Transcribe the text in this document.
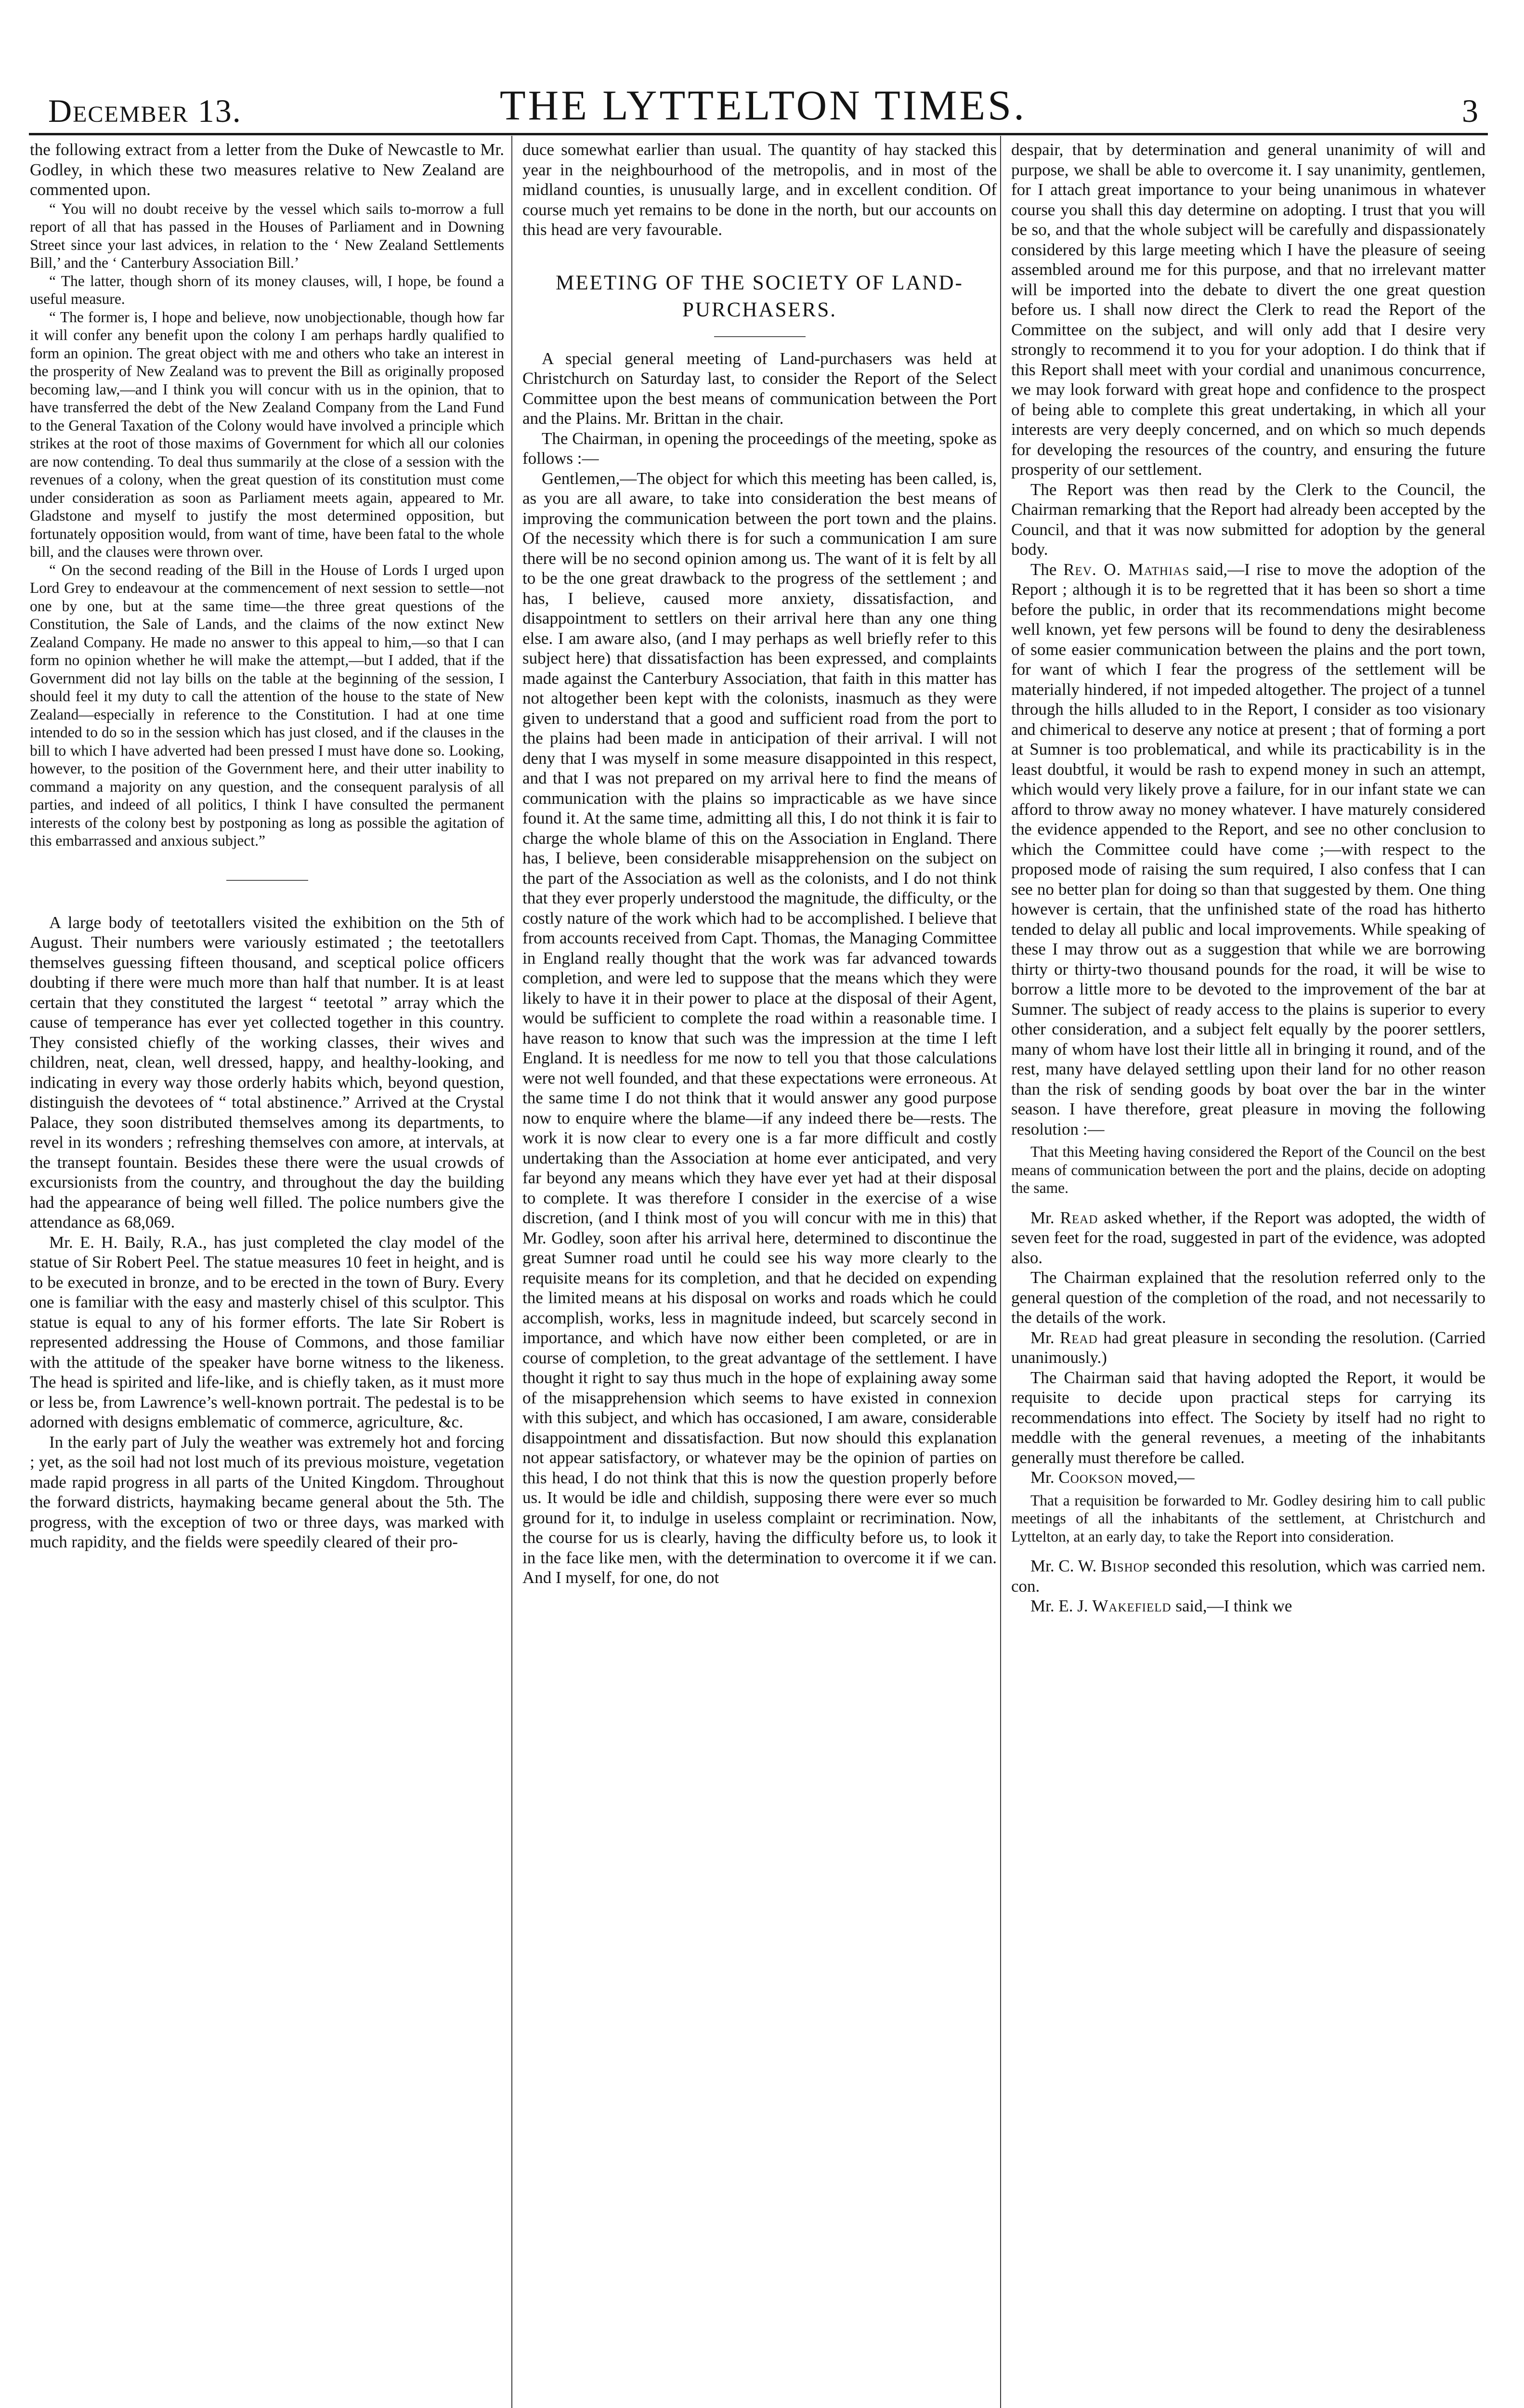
December 13.	THE LYTTELTON TIMES.	3

the following extract from a letter from the Duke of Newcastle to Mr. Godley, in which these two measures relative to New Zealand are commented upon.

“ You will no doubt receive by the vessel which sails to-morrow a full report of all that has passed in the Houses of Parliament and in Downing Street since your last advices, in relation to the ‘ New Zealand Settlements Bill,’ and the ‘ Canterbury Association Bill.’

“ The latter, though shorn of its money clauses, will, I hope, be found a useful measure.

“ The former is, I hope and believe, now unobjectionable, though how far it will confer any benefit upon the colony I am perhaps hardly qualified to form an opinion. The great object with me and others who take an interest in the prosperity of New Zealand was to prevent the Bill as originally proposed becoming law,—and I think you will concur with us in the opinion, that to have transferred the debt of the New Zealand Company from the Land Fund to the General Taxation of the Colony would have involved a principle which strikes at the root of those maxims of Government for which all our colonies are now contending. To deal thus summarily at the close of a session with the revenues of a colony, when the great question of its constitution must come under consideration as soon as Parliament meets again, appeared to Mr. Gladstone and myself to justify the most determined opposition, but fortunately opposition would, from want of time, have been fatal to the whole bill, and the clauses were thrown over.

“ On the second reading of the Bill in the House of Lords I urged upon Lord Grey to endeavour at the commencement of next session to settle—not one by one, but at the same time—the three great questions of the Constitution, the Sale of Lands, and the claims of the now extinct New Zealand Company. He made no answer to this appeal to him,—so that I can form no opinion whether he will make the attempt,—but I added, that if the Government did not lay bills on the table at the beginning of the session, I should feel it my duty to call the attention of the house to the state of New Zealand—especially in reference to the Constitution. I had at one time intended to do so in the session which has just closed, and if the clauses in the bill to which I have adverted had been pressed I must have done so. Looking, however, to the position of the Government here, and their utter inability to command a majority on any question, and the consequent paralysis of all parties, and indeed of all politics, I think I have consulted the permanent interests of the colony best by postponing as long as possible the agitation of this embarrassed and anxious subject.”

A large body of teetotallers visited the exhibition on the 5th of August. Their numbers were variously estimated ; the teetotallers themselves guessing fifteen thousand, and sceptical police officers doubting if there were much more than half that number. It is at least certain that they constituted the largest “ teetotal ” array which the cause of temperance has ever yet collected together in this country. They consisted chiefly of the working classes, their wives and children, neat, clean, well dressed, happy, and healthy-looking, and indicating in every way those orderly habits which, beyond question, distinguish the devotees of “ total abstinence.” Arrived at the Crystal Palace, they soon distributed themselves among its departments, to revel in its wonders ; refreshing themselves con amore, at intervals, at the transept fountain. Besides these there were the usual crowds of excursionists from the country, and throughout the day the building had the appearance of being well filled. The police numbers give the attendance as 68,069.

Mr. E. H. Baily, R.A., has just completed the clay model of the statue of Sir Robert Peel. The statue measures 10 feet in height, and is to be executed in bronze, and to be erected in the town of Bury. Every one is familiar with the easy and masterly chisel of this sculptor. This statue is equal to any of his former efforts. The late Sir Robert is represented addressing the House of Commons, and those familiar with the attitude of the speaker have borne witness to the likeness. The head is spirited and life-like, and is chiefly taken, as it must more or less be, from Lawrence’s well-known portrait. The pedestal is to be adorned with designs emblematic of commerce, agriculture, &c.

In the early part of July the weather was extremely hot and forcing ; yet, as the soil had not lost much of its previous moisture, vegetation made rapid progress in all parts of the United Kingdom. Throughout the forward districts, haymaking became general about the 5th. The progress, with the exception of two or three days, was marked with much rapidity, and the fields were speedily cleared of their pro-

duce somewhat earlier than usual. The quantity of hay stacked this year in the neighbourhood of the metropolis, and in most of the midland counties, is unusually large, and in excellent condition. Of course much yet remains to be done in the north, but our accounts on this head are very favourable.

MEETING OF THE SOCIETY OF LAND-PURCHASERS.

A special general meeting of Land-purchasers was held at Christchurch on Saturday last, to consider the Report of the Select Committee upon the best means of communication between the Port and the Plains. Mr. Brittan in the chair.

The Chairman, in opening the proceedings of the meeting, spoke as follows :—

Gentlemen,—The object for which this meeting has been called, is, as you are all aware, to take into consideration the best means of improving the communication between the port town and the plains. Of the necessity which there is for such a communication I am sure there will be no second opinion among us. The want of it is felt by all to be the one great drawback to the progress of the settlement ; and has, I believe, caused more anxiety, dissatisfaction, and disappointment to settlers on their arrival here than any one thing else. I am aware also, (and I may perhaps as well briefly refer to this subject here) that dissatisfaction has been expressed, and complaints made against the Canterbury Association, that faith in this matter has not altogether been kept with the colonists, inasmuch as they were given to understand that a good and sufficient road from the port to the plains had been made in anticipation of their arrival. I will not deny that I was myself in some measure disappointed in this respect, and that I was not prepared on my arrival here to find the means of communication with the plains so impracticable as we have since found it. At the same time, admitting all this, I do not think it is fair to charge the whole blame of this on the Association in England. There has, I believe, been considerable misapprehension on the subject on the part of the Association as well as the colonists, and I do not think that they ever properly understood the magnitude, the difficulty, or the costly nature of the work which had to be accomplished. I believe that from accounts received from Capt. Thomas, the Managing Committee in England really thought that the work was far advanced towards completion, and were led to suppose that the means which they were likely to have it in their power to place at the disposal of their Agent, would be sufficient to complete the road within a reasonable time. I have reason to know that such was the impression at the time I left England. It is needless for me now to tell you that those calculations were not well founded, and that these expectations were erroneous. At the same time I do not think that it would answer any good purpose now to enquire where the blame—if any indeed there be—rests. The work it is now clear to every one is a far more difficult and costly undertaking than the Association at home ever anticipated, and very far beyond any means which they have ever yet had at their disposal to complete. It was therefore I consider in the exercise of a wise discretion, (and I think most of you will concur with me in this) that Mr. Godley, soon after his arrival here, determined to discontinue the great Sumner road until he could see his way more clearly to the requisite means for its completion, and that he decided on expending the limited means at his disposal on works and roads which he could accomplish, works, less in magnitude indeed, but scarcely second in importance, and which have now either been completed, or are in course of completion, to the great advantage of the settlement. I have thought it right to say thus much in the hope of explaining away some of the misapprehension which seems to have existed in connexion with this subject, and which has occasioned, I am aware, considerable disappointment and dissatisfaction. But now should this explanation not appear satisfactory, or whatever may be the opinion of parties on this head, I do not think that this is now the question properly before us. It would be idle and childish, supposing there were ever so much ground for it, to indulge in useless complaint or recrimination. Now, the course for us is clearly, having the difficulty before us, to look it in the face like men, with the determination to overcome it if we can. And I myself, for one, do not

despair, that by determination and general unanimity of will and purpose, we shall be able to overcome it. I say unanimity, gentlemen, for I attach great importance to your being unanimous in whatever course you shall this day determine on adopting. I trust that you will be so, and that the whole subject will be carefully and dispassionately considered by this large meeting which I have the pleasure of seeing assembled around me for this purpose, and that no irrelevant matter will be imported into the debate to divert the one great question before us. I shall now direct the Clerk to read the Report of the Committee on the subject, and will only add that I desire very strongly to recommend it to you for your adoption. I do think that if this Report shall meet with your cordial and unanimous concurrence, we may look forward with great hope and confidence to the prospect of being able to complete this great undertaking, in which all your interests are very deeply concerned, and on which so much depends for developing the resources of the country, and ensuring the future prosperity of our settlement.

The Report was then read by the Clerk to the Council, the Chairman remarking that the Report had already been accepted by the Council, and that it was now submitted for adoption by the general body.

The Rev. O. Mathias said,—I rise to move the adoption of the Report ; although it is to be regretted that it has been so short a time before the public, in order that its recommendations might become well known, yet few persons will be found to deny the desirableness of some easier communication between the plains and the port town, for want of which I fear the progress of the settlement will be materially hindered, if not impeded altogether. The project of a tunnel through the hills alluded to in the Report, I consider as too visionary and chimerical to deserve any notice at present ; that of forming a port at Sumner is too problematical, and while its practicability is in the least doubtful, it would be rash to expend money in such an attempt, which would very likely prove a failure, for in our infant state we can afford to throw away no money whatever. I have maturely considered the evidence appended to the Report, and see no other conclusion to which the Committee could have come ;—with respect to the proposed mode of raising the sum required, I also confess that I can see no better plan for doing so than that suggested by them. One thing however is certain, that the unfinished state of the road has hitherto tended to delay all public and local improvements. While speaking of these I may throw out as a suggestion that while we are borrowing thirty or thirty-two thousand pounds for the road, it will be wise to borrow a little more to be devoted to the improvement of the bar at Sumner. The subject of ready access to the plains is superior to every other consideration, and a subject felt equally by the poorer settlers, many of whom have lost their little all in bringing it round, and of the rest, many have delayed settling upon their land for no other reason than the risk of sending goods by boat over the bar in the winter season. I have therefore, great pleasure in moving the following resolution :—

That this Meeting having considered the Report of the Council on the best means of communication between the port and the plains, decide on adopting the same.

Mr. Read asked whether, if the Report was adopted, the width of seven feet for the road, suggested in part of the evidence, was adopted also.

The Chairman explained that the resolution referred only to the general question of the completion of the road, and not necessarily to the details of the work.

Mr. Read had great pleasure in seconding the resolution. (Carried unanimously.)

The Chairman said that having adopted the Report, it would be requisite to decide upon practical steps for carrying its recommendations into effect. The Society by itself had no right to meddle with the general revenues, a meeting of the inhabitants generally must therefore be called.

Mr. Cookson moved,—

That a requisition be forwarded to Mr. Godley desiring him to call public meetings of all the inhabitants of the settlement, at Christchurch and Lyttelton, at an early day, to take the Report into consideration.

Mr. C. W. Bishop seconded this resolution, which was carried nem. con.

Mr. E. J. Wakefield said,—I think we
